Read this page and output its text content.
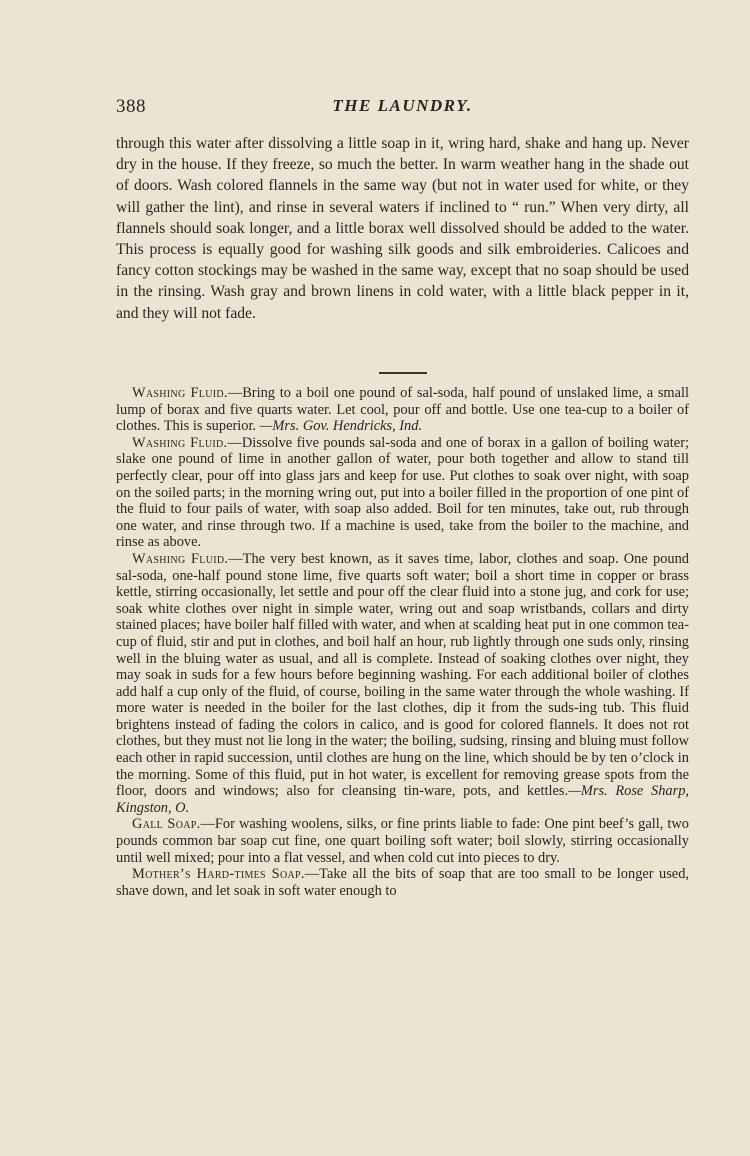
388	THE LAUNDRY.

through this water after dissolving a little soap in it, wring hard, shake and hang up. Never dry in the house. If they freeze, so much the better. In warm weather hang in the shade out of doors. Wash colored flannels in the same way (but not in water used for white, or they will gather the lint), and rinse in several waters if inclined to “ run.” When very dirty, all flannels should soak longer, and a little borax well dissolved should be added to the water. This process is equally good for washing silk goods and silk embroideries. Calicoes and fancy cotton stockings may be washed in the same way, except that no soap should be used in the rinsing. Wash gray and brown linens in cold water, with a little black pepper in it, and they will not fade.

Washing Fluid.—Bring to a boil one pound of sal-soda, half pound of unslaked lime, a small lump of borax and five quarts water. Let cool, pour off and bottle. Use one tea-cup to a boiler of clothes. This is superior. —Mrs. Gov. Hendricks, Ind.

Washing Fluid.—Dissolve five pounds sal-soda and one of borax in a gallon of boiling water; slake one pound of lime in another gallon of water, pour both together and allow to stand till perfectly clear, pour off into glass jars and keep for use. Put clothes to soak over night, with soap on the soiled parts; in the morning wring out, put into a boiler filled in the proportion of one pint of the fluid to four pails of water, with soap also added. Boil for ten minutes, take out, rub through one water, and rinse through two. If a machine is used, take from the boiler to the machine, and rinse as above.

Washing Fluid.—The very best known, as it saves time, labor, clothes and soap. One pound sal-soda, one-half pound stone lime, five quarts soft water; boil a short time in copper or brass kettle, stirring occasionally, let settle and pour off the clear fluid into a stone jug, and cork for use; soak white clothes over night in simple water, wring out and soap wristbands, collars and dirty stained places; have boiler half filled with water, and when at scalding heat put in one common tea-cup of fluid, stir and put in clothes, and boil half an hour, rub lightly through one suds only, rinsing well in the bluing water as usual, and all is complete. Instead of soaking clothes over night, they may soak in suds for a few hours before beginning washing. For each additional boiler of clothes add half a cup only of the fluid, of course, boiling in the same water through the whole washing. If more water is needed in the boiler for the last clothes, dip it from the suds-ing tub. This fluid brightens instead of fading the colors in calico, and is good for colored flannels. It does not rot clothes, but they must not lie long in the water; the boiling, sudsing, rinsing and bluing must follow each other in rapid succession, until clothes are hung on the line, which should be by ten o’clock in the morning. Some of this fluid, put in hot water, is excellent for removing grease spots from the floor, doors and windows; also for cleansing tin-ware, pots, and kettles.—Mrs. Rose Sharp, Kingston, O.

Gall Soap.—For washing woolens, silks, or fine prints liable to fade: One pint beef’s gall, two pounds common bar soap cut fine, one quart boiling soft water; boil slowly, stirring occasionally until well mixed; pour into a flat vessel, and when cold cut into pieces to dry.

Mother’s Hard-times Soap.—Take all the bits of soap that are too small to be longer used, shave down, and let soak in soft water enough to
